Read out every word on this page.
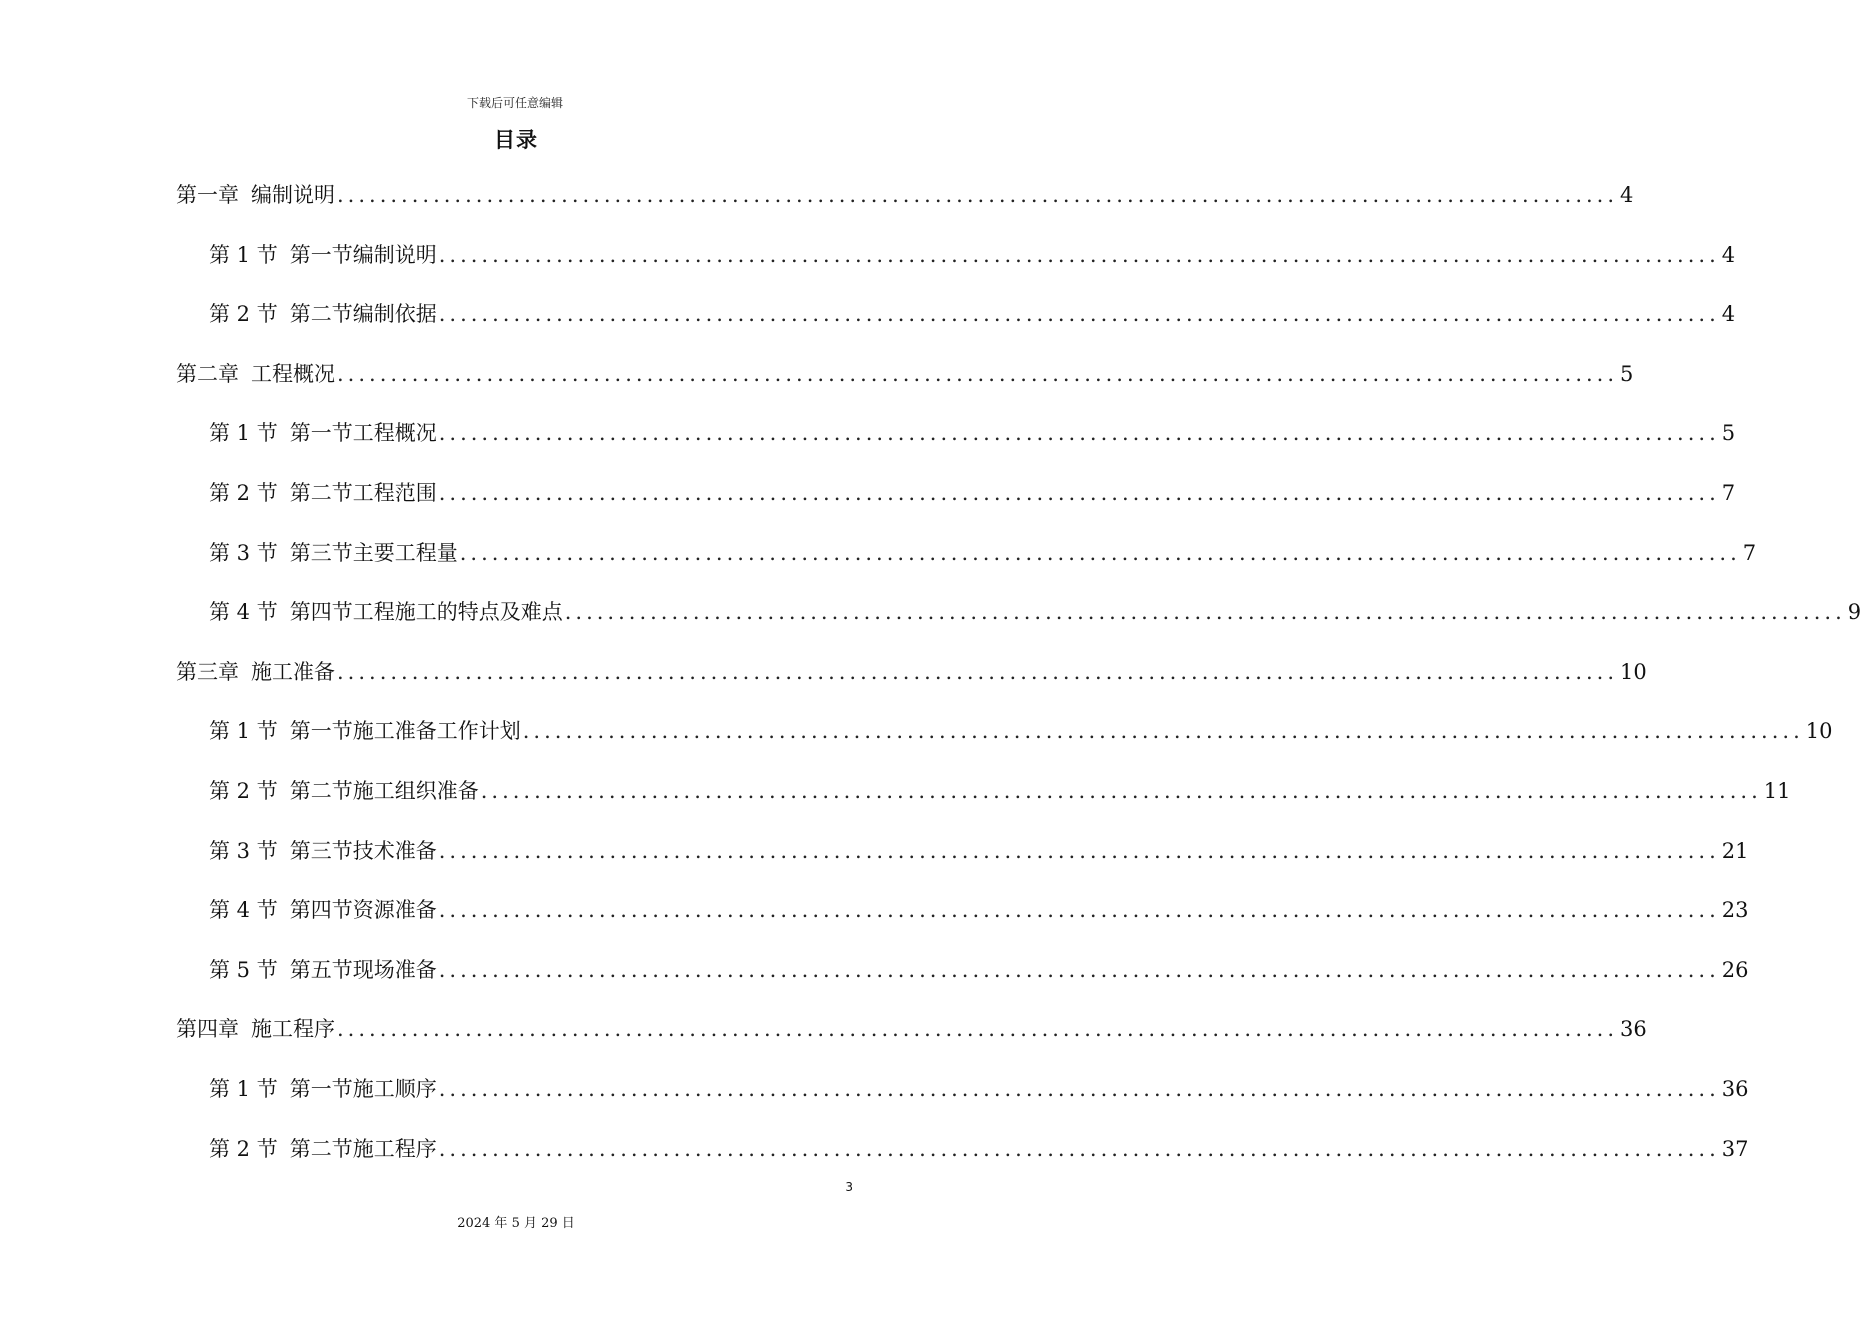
下载后可任意编辑
目录
第一章 编制说明 ........................................................................................................................ 4
第 1 节 第一节编制说明 ........................................................................................................................ 4
第 2 节 第二节编制依据 ........................................................................................................................ 4
第二章 工程概况 ........................................................................................................................ 5
第 1 节 第一节工程概况 ........................................................................................................................ 5
第 2 节 第二节工程范围 ........................................................................................................................ 7
第 3 节 第三节主要工程量 ........................................................................................................................ 7
第 4 节 第四节工程施工的特点及难点 ........................................................................................................................ 9
第三章 施工准备 ........................................................................................................................ 10
第 1 节 第一节施工准备工作计划 ........................................................................................................................ 10
第 2 节 第二节施工组织准备 ........................................................................................................................ 11
第 3 节 第三节技术准备 ........................................................................................................................ 21
第 4 节 第四节资源准备 ........................................................................................................................ 23
第 5 节 第五节现场准备 ........................................................................................................................ 26
第四章 施工程序 ........................................................................................................................ 36
第 1 节 第一节施工顺序 ........................................................................................................................ 36
第 2 节 第二节施工程序 ........................................................................................................................ 37
3
2024 年 5 月 29 日
